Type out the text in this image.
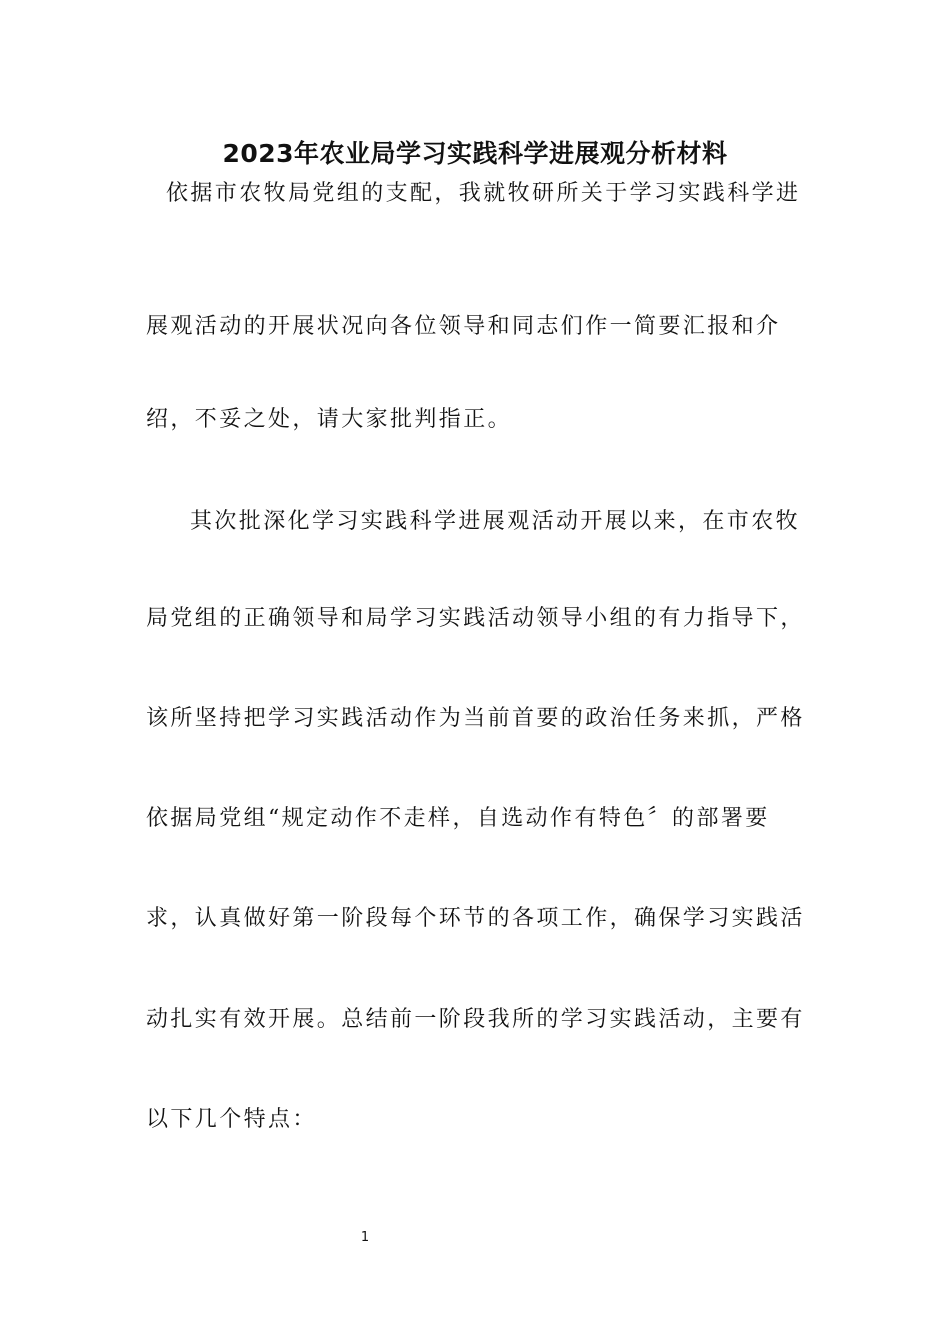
2023年农业局学习实践科学进展观分析材料

依据市农牧局党组的支配，我就牧研所关于学习实践科学进

展观活动的开展状况向各位领导和同志们作一简要汇报和介

绍，不妥之处，请大家批判指正。

其次批深化学习实践科学进展观活动开展以来，在市农牧

局党组的正确领导和局学习实践活动领导小组的有力指导下，

该所坚持把学习实践活动作为当前首要的政治任务来抓，严格

依据局党组“规定动作不走样，自选动作有特色〞的部署要

求，认真做好第一阶段每个环节的各项工作，确保学习实践活

动扎实有效开展。总结前一阶段我所的学习实践活动，主要有

以下几个特点：

1
